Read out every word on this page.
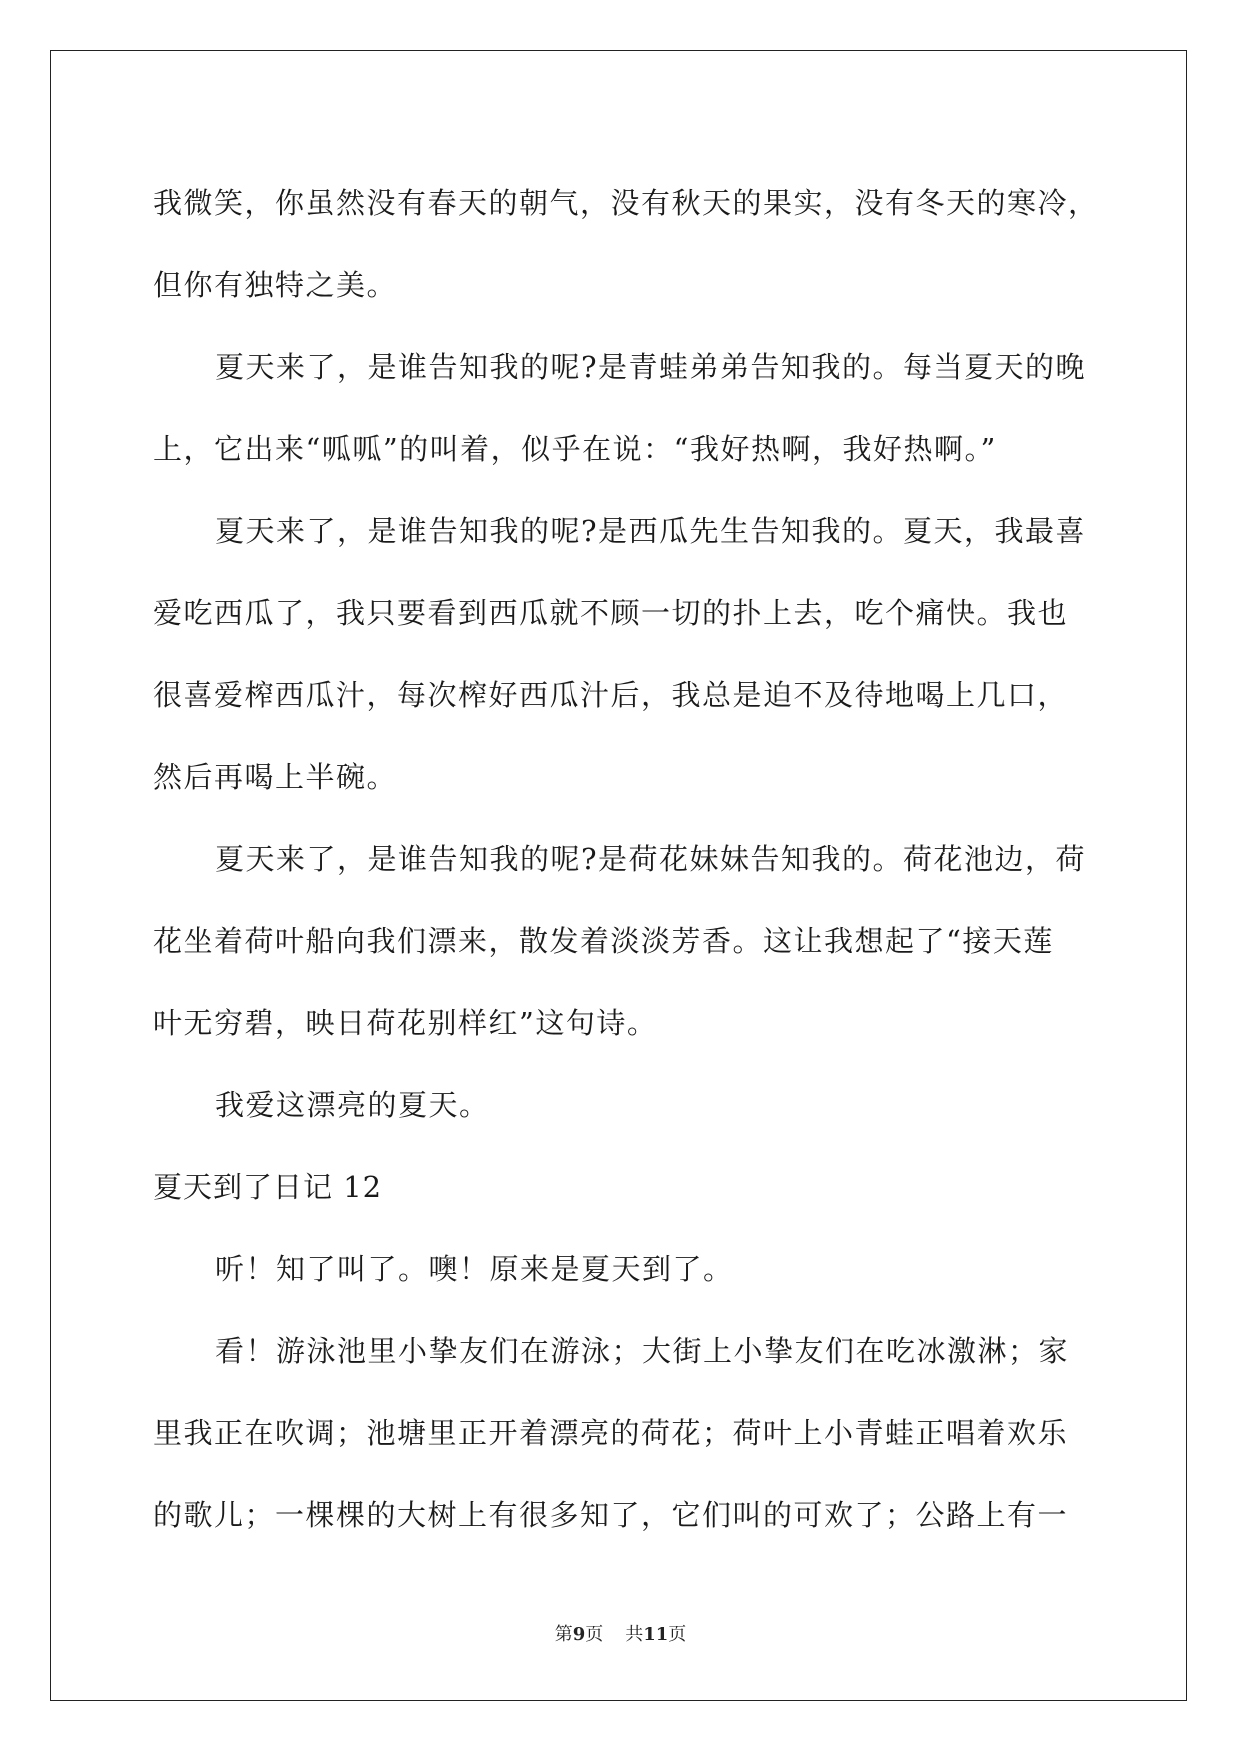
我微笑，你虽然没有春天的朝气，没有秋天的果实，没有冬天的寒冷，
但你有独特之美。
夏天来了，是谁告知我的呢?是青蛙弟弟告知我的。每当夏天的晚
上，它出来“呱呱”的叫着，似乎在说：“我好热啊，我好热啊。”
夏天来了，是谁告知我的呢?是西瓜先生告知我的。夏天，我最喜
爱吃西瓜了，我只要看到西瓜就不顾一切的扑上去，吃个痛快。我也
很喜爱榨西瓜汁，每次榨好西瓜汁后，我总是迫不及待地喝上几口，
然后再喝上半碗。
夏天来了，是谁告知我的呢?是荷花妹妹告知我的。荷花池边，荷
花坐着荷叶船向我们漂来，散发着淡淡芳香。这让我想起了“接天莲
叶无穷碧，映日荷花别样红”这句诗。
我爱这漂亮的夏天。
夏天到了日记 12
听！知了叫了。噢！原来是夏天到了。
看！游泳池里小挚友们在游泳；大街上小挚友们在吃冰激淋；家
里我正在吹调；池塘里正开着漂亮的荷花；荷叶上小青蛙正唱着欢乐
的歌儿；一棵棵的大树上有很多知了，它们叫的可欢了；公路上有一
第9页 共11页
